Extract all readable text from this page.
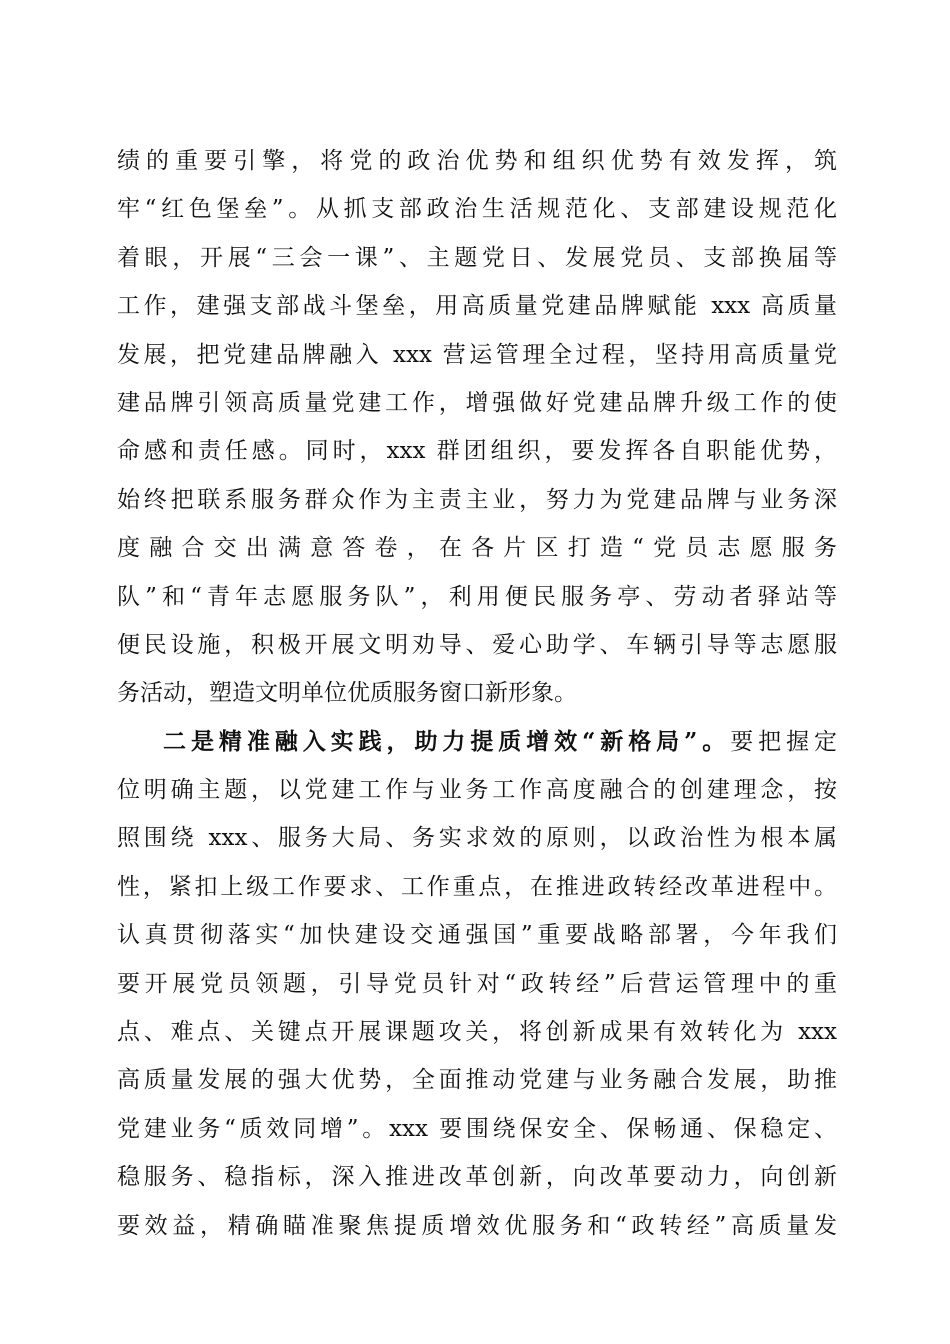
绩的重要引擎，将党的政治优势和组织优势有效发挥，筑
牢“红色堡垒”。从抓支部政治生活规范化、支部建设规范化
着眼，开展“三会一课”、主题党日、发展党员、支部换届等
工作，建强支部战斗堡垒，用高质量党建品牌赋能 xxx 高质量
发展，把党建品牌融入 xxx 营运管理全过程，坚持用高质量党
建品牌引领高质量党建工作，增强做好党建品牌升级工作的使
命感和责任感。同时，xxx 群团组织，要发挥各自职能优势，
始终把联系服务群众作为主责主业，努力为党建品牌与业务深
度融合交出满意答卷，在各片区打造“党员志愿服务
队”和“青年志愿服务队”，利用便民服务亭、劳动者驿站等
便民设施，积极开展文明劝导、爱心助学、车辆引导等志愿服
务活动，塑造文明单位优质服务窗口新形象。
二是精准融入实践，助力提质增效“新格局”。要把握定
位明确主题，以党建工作与业务工作高度融合的创建理念，按
照围绕 xxx、服务大局、务实求效的原则，以政治性为根本属
性，紧扣上级工作要求、工作重点，在推进政转经改革进程中。
认真贯彻落实“加快建设交通强国”重要战略部署，今年我们
要开展党员领题，引导党员针对“政转经”后营运管理中的重
点、难点、关键点开展课题攻关，将创新成果有效转化为 xxx
高质量发展的强大优势，全面推动党建与业务融合发展，助推
党建业务“质效同增”。xxx 要围绕保安全、保畅通、保稳定、
稳服务、稳指标，深入推进改革创新，向改革要动力，向创新
要效益，精确瞄准聚焦提质增效优服务和“政转经”高质量发
